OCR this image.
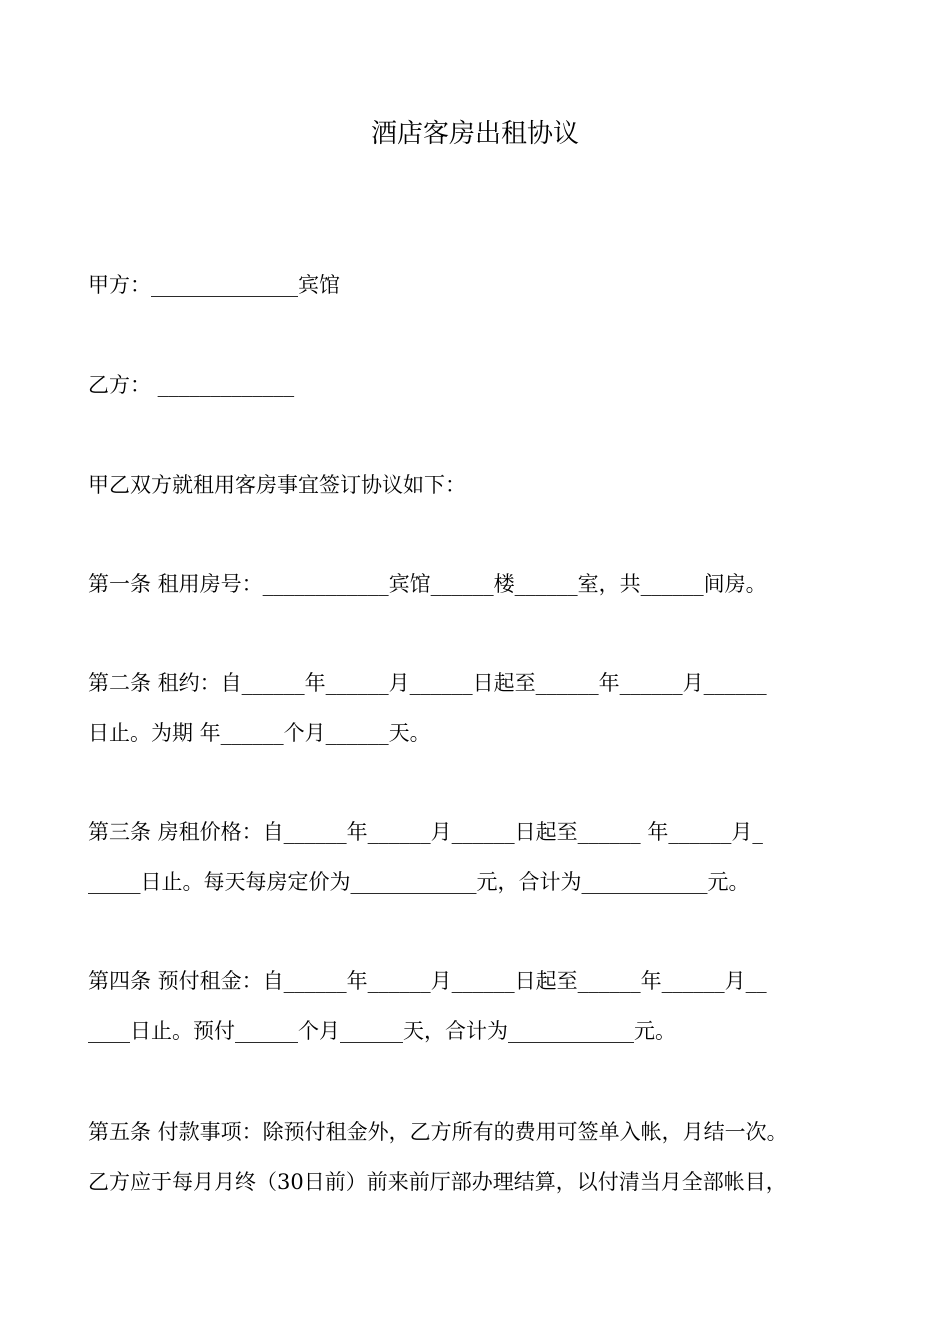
酒店客房出租协议
甲方：______________宾馆
乙方： _____________
甲乙双方就租用客房事宜签订协议如下：
第一条 租用房号：____________宾馆______楼______室，共______间房。
第二条 租约：自______年______月______日起至______年______月______
日止。为期 年______个月______天。
第三条 房租价格：自______年______月______日起至______ 年______月_
_____日止。每天每房定价为____________元，合计为____________元。
第四条 预付租金：自______年______月______日起至______年______月__
____日止。预付______个月______天，合计为____________元。
第五条 付款事项：除预付租金外，乙方所有的费用可签单入帐，月结一次。
乙方应于每月月终（30日前）前来前厅部办理结算，以付清当月全部帐目，
